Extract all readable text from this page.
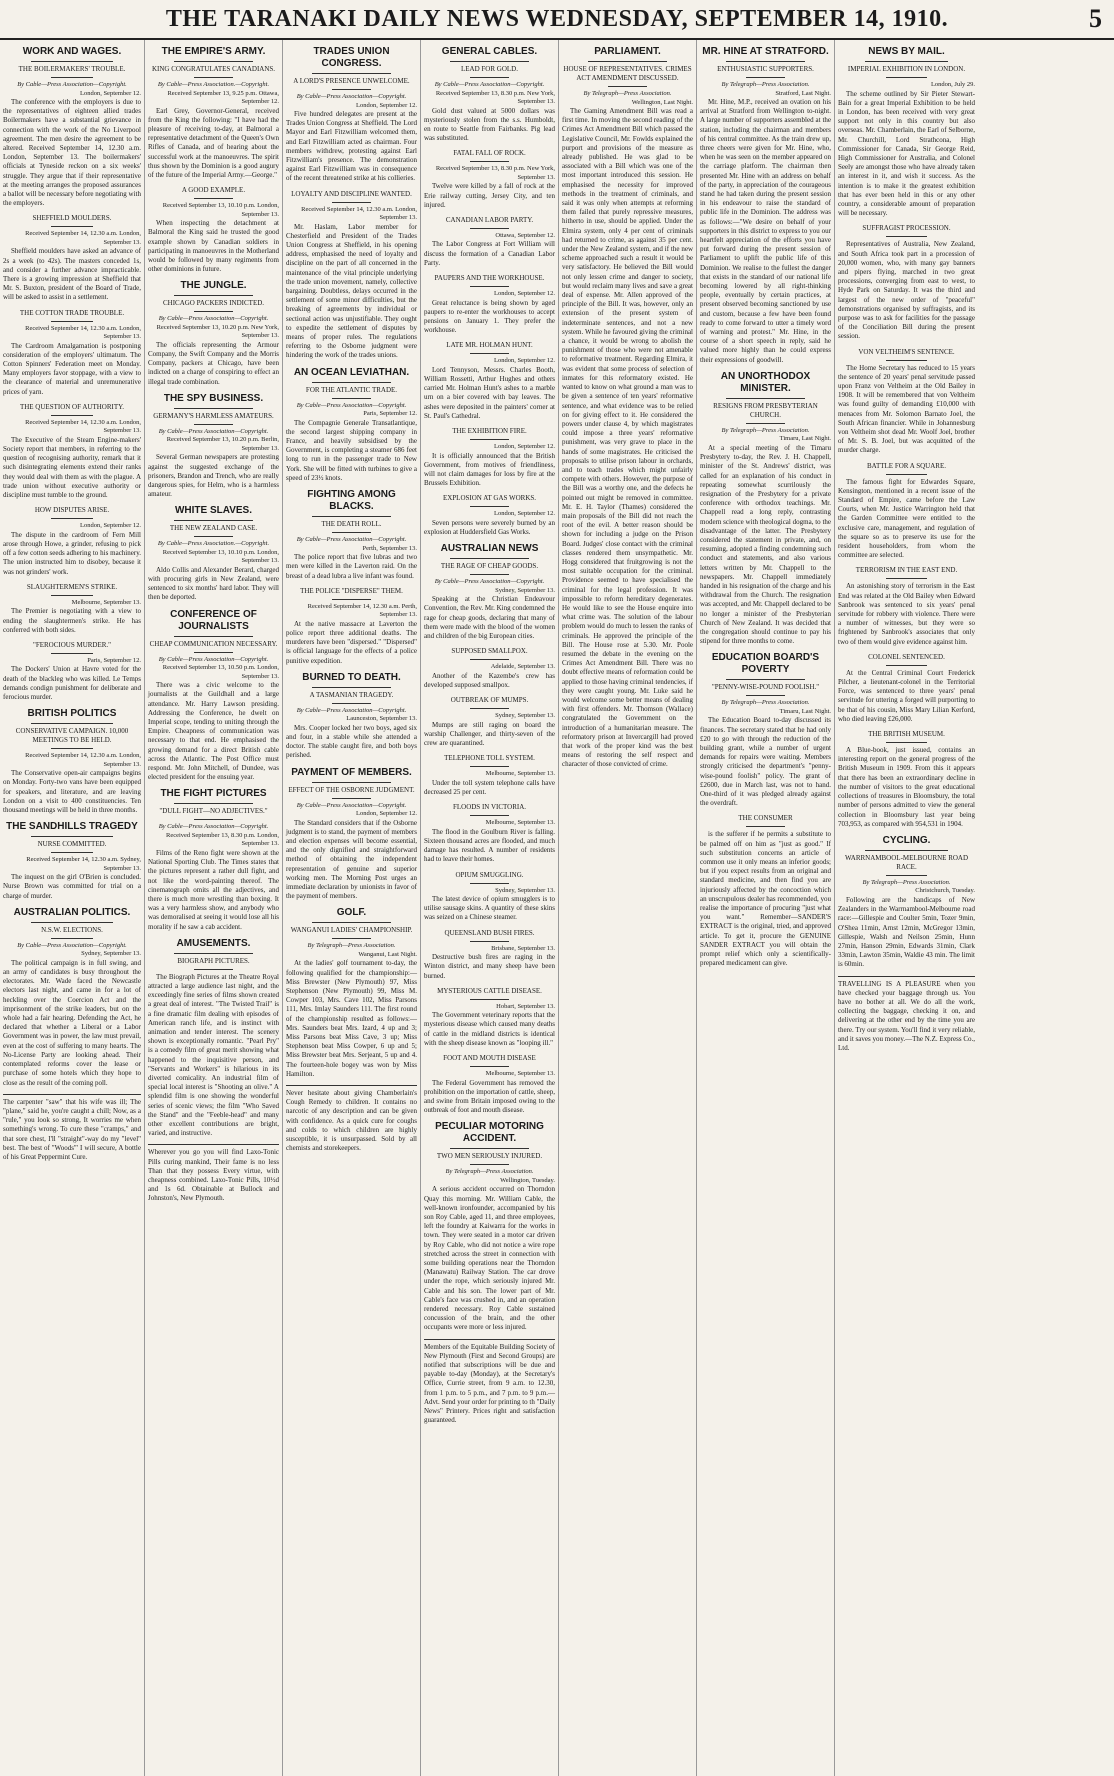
THE TARANAKI DAILY NEWS WEDNESDAY, SEPTEMBER 14, 1910.	5
WORK AND WAGES.
THE BOILERMAKERS' TROUBLE.
By Cable—Press Association—Copyright.
London, September 12.

The conference with the employers is due to the representatives of eighteen allied trades Boilermakers have a substantial grievance in connection with the work of the No Liverpool agreement. The men desire the agreement to be altered. Received September 14, 12.30 a.m. London, September 13. The boilermakers' officials at Tyneside reckon on a six weeks' struggle. They argue that if their representative at the meeting arranges the proposed assurances a ballot will be necessary before negotiating with the employers.

SHEFFIELD MOULDERS.
Received September 14, 12.30 a.m. London, September 13.

Sheffield moulders have asked an advance of 2s a week (to 42s). The masters conceded 1s, and consider a further advance impracticable. There is a growing impression at Sheffield that Mr. S. Buxton, president of the Board of Trade, will be asked to assist in a settlement.

THE COTTON TRADE TROUBLE.
Received September 14, 12.30 a.m. London, September 13.

The Cardroom Amalgamation is postponing consideration of the employers' ultimatum. The Cotton Spinners' Federation meet on Monday. Many employers favor stoppage, with a view to the clearance of material and unremunerative prices of yarn.

THE QUESTION OF AUTHORITY.
Received September 14, 12.30 a.m. London, September 13.

The Executive of the Steam Engine-makers' Society report that members, in referring to the question of recognising authority, remark that it such disintegrating elements extend their ranks they would deal with them as with the plague. A trade union without executive authority or discipline must tumble to the ground.

HOW DISPUTES ARISE.
London, September 12.

The dispute in the cardroom of Fern Mill arose through Howe, a grinder, refusing to pick off a few cotton seeds adhering to his machinery. The union instructed him to disobey, because it was not grinders' work.

SLAUGHTERMEN'S STRIKE.
Melbourne, September 13.

The Premier is negotiating with a view to ending the slaughtermen's strike. He has conferred with both sides.

"FEROCIOUS MURDER."
Paris, September 12.

The Dockers' Union at Havre voted for the death of the blackleg who was killed. Le Temps demands condign punishment for deliberate and ferocious murder.

BRITISH POLITICS
CONSERVATIVE CAMPAIGN. 10,000 MEETINGS TO BE HELD.
Received September 14, 12.30 a.m. London, September 13.

The Conservative open-air campaigns begins on Monday. Forty-two vans have been equipped for speakers, and literature, and are leaving London on a visit to 400 constituencies. Ten thousand meetings will be held in three months.

THE SANDHILLS TRAGEDY
NURSE COMMITTED.
Received September 14, 12.30 a.m. Sydney, September 13.

The inquest on the girl O'Brien is concluded. Nurse Brown was committed for trial on a charge of murder.

AUSTRALIAN POLITICS.
N.S.W. ELECTIONS.
By Cable—Press Association—Copyright.
Sydney, September 13.

The political campaign is in full swing, and an army of candidates is busy throughout the electorates. Mr. Wade faced the Newcastle electors last night, and came in for a lot of heckling over the Coercion Act and the imprisonment of the strike leaders, but on the whole had a fair hearing. Defending the Act, he declared that whether a Liberal or a Labor Government was in power, the law must prevail, even at the cost of suffering to many hearts. The No-License Party are looking ahead. Their contemplated reforms cover the lease or purchase of some hotels which they hope to close as the result of the coming poll.

The carpenter "saw" that his wife was ill; The "plane," said he, you're caught a chill; Now, as a "rule," you look so strong, It worries me when something's wrong. To cure these "cramps," and that sore chest, I'll "straight"-way do my "level" best. The best of "Woods'" I will secure, A bottle of his Great Peppermint Cure.
THE EMPIRE'S ARMY.
KING CONGRATULATES CANADIANS.
By Cable—Press Association.—Copyright.
Received September 13, 9.25 p.m. Ottawa, September 12.

Earl Grey, Governor-General, received from the King the following: "I have had the pleasure of receiving to-day, at Balmoral a representative detachment of the Queen's Own Rifles of Canada, and of hearing about the successful work at the manoeuvres. The spirit thus shown by the Dominion is a good augury of the future of the Imperial Army.—George."

A GOOD EXAMPLE.
Received September 13, 10.10 p.m. London, September 13.

When inspecting the detachment at Balmoral the King said he trusted the good example shown by Canadian soldiers in participating in manoeuvres in the Motherland would be followed by many regiments from other dominions in future.

THE JUNGLE.
CHICAGO PACKERS INDICTED.
By Cable—Press Association—Copyright.
Received September 13, 10.20 p.m. New York, September 13.

The officials representing the Armour Company, the Swift Company and the Morris Company, packers at Chicago, have been indicted on a charge of conspiring to effect an illegal trade combination.

THE SPY BUSINESS.
GERMANY'S HARMLESS AMATEURS.
By Cable—Press Association—Copyright.
Received September 13, 10.20 p.m. Berlin, September 13.

Several German newspapers are protesting against the suggested exchange of the prisoners, Brandon and Trench, who are really dangerous spies, for Helm, who is a harmless amateur.

WHITE SLAVES.
THE NEW ZEALAND CASE.
By Cable—Press Association.—Copyright.
Received September 13, 10.10 p.m. London, September 13.

Aldo Collis and Alexander Berard, charged with procuring girls in New Zealand, were sentenced to six months' hard labor. They will then be deported.

CONFERENCE OF JOURNALISTS
CHEAP COMMUNICATION NECESSARY.
By Cable—Press Association—Copyright.
Received September 13, 10.50 p.m. London, September 13.

There was a civic welcome to the journalists at the Guildhall and a large attendance. Mr. Harry Lawson presiding. Addressing the Conference, he dwelt on Imperial scope, tending to uniting through the Empire. Cheapness of communication was necessary to that end. He emphasised the growing demand for a direct British cable across the Atlantic. The Post Office must respond. Mr. John Mitchell, of Dundee, was elected president for the ensuing year.

THE FIGHT PICTURES
"DULL FIGHT—NO ADJECTIVES."
By Cable—Press Association—Copyright.
Received September 13, 8.30 p.m. London, September 13.

Films of the Reno fight were shown at the National Sporting Club. The Times states that the pictures represent a rather dull fight, and not like the word-painting thereof. The cinematograph omits all the adjectives, and there is much more wrestling than boxing. It was a very harmless show, and anybody who was demoralised at seeing it would lose all his morality if he saw a cab accident.

AMUSEMENTS.
BIOGRAPH PICTURES.

The Biograph Pictures at the Theatre Royal attracted a large audience last night, and the exceedingly fine series of films shown created a great deal of interest. "The Twisted Trail" is a fine dramatic film dealing with episodes of American ranch life, and is instinct with animation and tender interest. The scenery shown is exceptionally romantic. "Pearl Pry" is a comedy film of great merit showing what happened to the inquisitive person, and "Servants and Workers" is hilarious in its diverted comicality. An industrial film of special local interest is "Shooting an olive." A splendid film is one showing the wonderful series of scenic views; the film "Who Saved the Stand" and the "Feeble-head" and many other excellent contributions are bright, varied, and instructive.

Wherever you go you will find Laxo-Tonic Pills curing mankind, Their fame is no less Than that they possess Every virtue, with cheapness combined. Laxo-Tonic Pills, 10½d and 1s 6d. Obtainable at Bullock and Johnston's, New Plymouth.
TRADES UNION CONGRESS.
A LORD'S PRESENCE UNWELCOME.
By Cable—Press Association—Copyright.
London, September 12.

Five hundred delegates are present at the Trades Union Congress at Sheffield. The Lord Mayor and Earl Fitzwilliam welcomed them, and Earl Fitzwilliam acted as chairman. Four members withdrew, protesting against Earl Fitzwilliam's presence. The demonstration against Earl Fitzwilliam was in consequence of the recent threatened strike at his collieries.

LOYALTY AND DISCIPLINE WANTED.
Received September 14, 12.30 a.m. London, September 13.

Mr. Haslam, Labor member for Chesterfield and President of the Trades Union Congress at Sheffield, in his opening address, emphasised the need of loyalty and discipline on the part of all concerned in the maintenance of the vital principle underlying the trade union movement, namely, collective bargaining. Doubtless, delays occurred in the settlement of some minor difficulties, but the breaking of agreements by individual or sectional action was unjustifiable. They ought to expedite the settlement of disputes by means of proper rules. The regulations referring to the Osborne judgment were hindering the work of the trades unions.

AN OCEAN LEVIATHAN.
FOR THE ATLANTIC TRADE.
By Cable—Press Association—Copyright.
Paris, September 12.

The Compagnie Generale Transatlantique, the second largest shipping company in France, and heavily subsidised by the Government, is completing a steamer 686 feet long to run in the passenger trade to New York. She will be fitted with turbines to give a speed of 23½ knots.

FIGHTING AMONG BLACKS.
THE DEATH ROLL.
By Cable—Press Association—Copyright.
Perth, September 13.

The police report that five lubras and two men were killed in the Laverton raid. On the breast of a dead lubra a live infant was found.

THE POLICE "DISPERSE" THEM.
Received September 14, 12.30 a.m. Perth, September 13.

At the native massacre at Laverton the police report three additional deaths. The murderers have been "dispersed." "Dispersed" is official language for the effects of a police punitive expedition.

BURNED TO DEATH.
A TASMANIAN TRAGEDY.
By Cable—Press Association—Copyright.
Launceston, September 13.

Mrs. Cooper locked her two boys, aged six and four, in a stable while she attended a doctor. The stable caught fire, and both boys perished.

PAYMENT OF MEMBERS.
EFFECT OF THE OSBORNE JUDGMENT.
By Cable—Press Association—Copyright.
London, September 12.

The Standard considers that if the Osborne judgment is to stand, the payment of members and election expenses will become essential, and the only dignified and straightforward method of obtaining the independent representation of genuine and superior working men. The Morning Post urges an immediate declaration by unionists in favor of the payment of members.

GOLF.
WANGANUI LADIES' CHAMPIONSHIP.
By Telegraph—Press Association.
Wanganui, Last Night.

At the ladies' golf tournament to-day, the following qualified for the championship:—Miss Brewster (New Plymouth) 97, Miss Stephenson (New Plymouth) 99, Miss M. Cowper 103, Mrs. Cave 102, Miss Parsons 111, Mrs. Imlay Saunders 111. The first round of the championship resulted as follows:—Mrs. Saunders beat Mrs. Izard, 4 up and 3; Miss Parsons beat Miss Cave, 3 up; Miss Stephenson beat Miss Cowper, 6 up and 5; Miss Brewster beat Mrs. Serjeant, 5 up and 4. The fourteen-hole bogey was won by Miss Hamilton.

Never hesitate about giving Chamberlain's Cough Remedy to children. It contains no narcotic of any description and can be given with confidence. As a quick cure for coughs and colds to which children are highly susceptible, it is unsurpassed. Sold by all chemists and storekeepers.
GENERAL CABLES.
LEAD FOR GOLD.
By Cable—Press Association—Copyright.
Received September 13, 8.30 p.m. New York, September 13.

Gold dust valued at 5000 dollars was mysteriously stolen from the s.s. Humboldt, en route to Seattle from Fairbanks. Pig lead was substituted.

FATAL FALL OF ROCK.
Received September 13, 8.30 p.m. New York, September 13.

Twelve were killed by a fall of rock at the Erie railway cutting, Jersey City, and ten injured.

CANADIAN LABOR PARTY.
Ottawa, September 12.

The Labor Congress at Fort William will discuss the formation of a Canadian Labor Party.

PAUPERS AND THE WORKHOUSE.
London, September 12.

Great reluctance is being shown by aged paupers to re-enter the workhouses to accept pensions on January 1. They prefer the workhouse.

LATE MR. HOLMAN HUNT.
London, September 12.

Lord Tennyson, Messrs. Charles Booth, William Rossetti, Arthur Hughes and others carried Mr. Holman Hunt's ashes to a marble urn on a bier covered with bay leaves. The ashes were deposited in the painters' corner at St. Paul's Cathedral.

THE EXHIBITION FIRE.
London, September 12.

It is officially announced that the British Government, from motives of friendliness, will not claim damages for loss by fire at the Brussels Exhibition.

EXPLOSION AT GAS WORKS.
London, September 12.

Seven persons were severely burned by an explosion at Huddersfield Gas Works.

AUSTRALIAN NEWS
THE RAGE OF CHEAP GOODS.
By Cable—Press Association—Copyright.
Sydney, September 13.

Speaking at the Christian Endeavour Convention, the Rev. Mr. King condemned the rage for cheap goods, declaring that many of them were made with the blood of the women and children of the big European cities.

SUPPOSED SMALLPOX.
Adelaide, September 13.

Another of the Kazembe's crew has developed supposed smallpox.

OUTBREAK OF MUMPS.
Sydney, September 13.

Mumps are still raging on board the warship Challenger, and thirty-seven of the crew are quarantined.

TELEPHONE TOLL SYSTEM.
Melbourne, September 13.

Under the toll system telephone calls have decreased 25 per cent.

FLOODS IN VICTORIA.
Melbourne, September 13.

The flood in the Goulburn River is falling. Sixteen thousand acres are flooded, and much damage has resulted. A number of residents had to leave their homes.

OPIUM SMUGGLING.
Sydney, September 13.

The latest device of opium smugglers is to utilise sausage skins. A quantity of these skins was seized on a Chinese steamer.

QUEENSLAND BUSH FIRES.
Brisbane, September 13.

Destructive bush fires are raging in the Winton district, and many sheep have been burned.

MYSTERIOUS CATTLE DISEASE.
Hobart, September 13.

The Government veterinary reports that the mysterious disease which caused many deaths of cattle in the midland districts is identical with the sheep disease known as "looping ill."

FOOT AND MOUTH DISEASE
Melbourne, September 13.

The Federal Government has removed the prohibition on the importation of cattle, sheep, and swine from Britain imposed owing to the outbreak of foot and mouth disease.

PECULIAR MOTORING ACCIDENT.
TWO MEN SERIOUSLY INJURED.
By Telegraph—Press Association.
Wellington, Tuesday.

A serious accident occurred on Thorndon Quay this morning. Mr. William Cable, the well-known ironfounder, accompanied by his son Roy Cable, aged 11, and three employees, left the foundry at Kaiwarra for the works in town. They were seated in a motor car driven by Roy Cable, who did not notice a wire rope stretched across the street in connection with some building operations near the Thorndon (Manawatu) Railway Station. The car drove under the rope, which seriously injured Mr. Cable and his son. The lower part of Mr. Cable's face was crushed in, and an operation rendered necessary. Roy Cable sustained concussion of the brain, and the other occupants were more or less injured.

Members of the Equitable Building Society of New Plymouth (First and Second Groups) are notified that subscriptions will be due and payable to-day (Monday), at the Secretary's Office, Currie street, from 9 a.m. to 12.30, from 1 p.m. to 5 p.m., and 7 p.m. to 9 p.m.—Advt. Send your order for printing to th "Daily News" Printery. Prices right and satisfaction guaranteed.
PARLIAMENT.
HOUSE OF REPRESENTATIVES. CRIMES ACT AMENDMENT DISCUSSED.
By Telegraph—Press Association.
Wellington, Last Night.

The Gaming Amendment Bill was read a first time. In moving the second reading of the Crimes Act Amendment Bill which passed the Legislative Council, Mr. Fowlds explained the purport and provisions of the measure as already published. He was glad to be associated with a Bill which was one of the most important introduced this session. He emphasised the necessity for improved methods in the treatment of criminals, and said it was only when attempts at reforming them failed that purely repressive measures, hitherto in use, should be applied. Under the Elmira system, only 4 per cent of criminals had returned to crime, as against 35 per cent. under the New Zealand system, and if the new scheme approached such a result it would be very satisfactory. He believed the Bill would not only lessen crime and danger to society, but would reclaim many lives and save a great deal of expense. Mr. Allen approved of the principle of the Bill. It was, however, only an extension of the present system of indeterminate sentences, and not a new system. While he favoured giving the criminal a chance, it would be wrong to abolish the punishment of those who were not amenable to reformative treatment. Regarding Elmira, it was evident that some process of selection of inmates for this reformatory existed. He wanted to know on what ground a man was to be given a sentence of ten years' reformative sentence, and what evidence was to be relied on for giving effect to it. He considered the powers under clause 4, by which magistrates could impose a three years' reformative punishment, was very grave to place in the hands of some magistrates. He criticised the proposals to utilise prison labour in orchards, and to teach trades which might unfairly compete with others. However, the purpose of the Bill was a worthy one, and the defects he pointed out might be removed in committee. Mr. E. H. Taylor (Thames) considered the main proposals of the Bill did not reach the root of the evil. A better reason should be shown for including a judge on the Prison Board. Judges' close contact with the criminal classes rendered them unsympathetic. Mr. Hogg considered that fruitgrowing is not the most suitable occupation for the criminal. Providence seemed to have specialised the criminal for the legal profession. It was impossible to reform hereditary degenerates. He would like to see the House enquire into what crime was. The solution of the labour problem would do much to lessen the ranks of criminals. He approved the principle of the Bill. The House rose at 5.30. Mr. Poole resumed the debate in the evening on the Crimes Act Amendment Bill. There was no doubt effective means of reformation could be applied to those having criminal tendencies, if they were caught young. Mr. Luke said he would welcome some better means of dealing with first offenders. Mr. Thomson (Wallace) congratulated the Government on the introduction of a humanitarian measure. The reformatory prison at Invercargill had proved that work of the proper kind was the best means of restoring the self respect and character of those convicted of crime.

MR. HINE AT STRATFORD.
ENTHUSIASTIC SUPPORTERS.
By Telegraph—Press Association.
Stratford, Last Night.

Mr. Hine, M.P., received an ovation on his arrival at Stratford from Wellington to-night. A large number of supporters assembled at the station, including the chairman and members of his central committee. As the train drew up, three cheers were given for Mr. Hine, who, when he was seen on the member appeared on the carriage platform. The chairman then presented Mr. Hine with an address on behalf of the party, in appreciation of the courageous stand he had taken during the present session in his endeavour to raise the standard of public life in the Dominion. The address was as follows:—"We desire on behalf of your supporters in this district to express to you our heartfelt appreciation of the efforts you have put forward during the present session of Parliament to uplift the public life of this Dominion. We realise to the fullest the danger that exists in the standard of our national life becoming lowered by all right-thinking people, eventually by certain practices, at present observed becoming sanctioned by use and custom, because a few have been found ready to come forward to utter a timely word of warning and protest." Mr. Hine, in the course of a short speech in reply, said he valued more highly than he could express their expressions of goodwill.

AN UNORTHODOX MINISTER.
RESIGNS FROM PRESBYTERIAN CHURCH.
By Telegraph—Press Association.
Timaru, Last Night.

At a special meeting of the Timaru Presbytery to-day, the Rev. J. H. Chappell, minister of the St. Andrews' district, was called for an explanation of his conduct in repeating somewhat scurrilously the resignation of the Presbytery for a private conference with orthodox teachings. Mr. Chappell read a long reply, contrasting modern science with theological dogma, to the disadvantage of the latter. The Presbytery considered the statement in private, and, on resuming, adopted a finding condemning such conduct and statements, and also various letters written by Mr. Chappell to the newspapers. Mr. Chappell immediately handed in his resignation of the charge and his withdrawal from the Church. The resignation was accepted, and Mr. Chappell declared to be no longer a minister of the Presbyterian Church of New Zealand. It was decided that the congregation should continue to pay his stipend for three months to come.

EDUCATION BOARD'S POVERTY
"PENNY-WISE-POUND FOOLISH."
By Telegraph—Press Association.
Timaru, Last Night.

The Education Board to-day discussed its finances. The secretary stated that he had only £20 to go with through the reduction of the building grant, while a number of urgent demands for repairs were waiting. Members strongly criticised the department's "penny-wise-pound foolish" policy. The grant of £2600, due in March last, was not to hand. One-third of it was pledged already against the overdraft.

THE CONSUMER

is the sufferer if he permits a substitute to be palmed off on him as "just as good." If such substitution concerns an article of common use it only means an inferior goods; but if you expect results from an original and standard medicine, and then find you are injuriously affected by the concoction which an unscrupulous dealer has recommended, you realise the importance of procuring "just what you want." Remember—SANDER'S EXTRACT is the original, tried, and approved article. To get it, procure the GENUINE SANDER EXTRACT you will obtain the prompt relief which only a scientifically-prepared medicament can give.

NEWS BY MAIL.
IMPERIAL EXHIBITION IN LONDON.
London, July 29.

The scheme outlined by Sir Pieter Stewart-Bain for a great Imperial Exhibition to be held in London, has been received with very great support not only in this country but also overseas. Mr. Chamberlain, the Earl of Selborne, Mr. Churchill, Lord Strathcona, High Commissioner for Canada, Sir George Reid, High Commissioner for Australia, and Colonel Seely are amongst those who have already taken an interest in it, and wish it success. As the intention is to make it the greatest exhibition that has ever been held in this or any other country, a considerable amount of preparation will be necessary.

SUFFRAGIST PROCESSION.

Representatives of Australia, New Zealand, and South Africa took part in a procession of 20,000 women, who, with many gay banners and pipers flying, marched in two great processions, converging from east to west, to Hyde Park on Saturday. It was the third and largest of the new order of "peaceful" demonstrations organised by suffragists, and its purpose was to ask for facilities for the passage of the Conciliation Bill during the present session.

VON VELTHEIM'S SENTENCE.

The Home Secretary has reduced to 15 years the sentence of 20 years' penal servitude passed upon Franz von Veltheim at the Old Bailey in 1908. It will be remembered that von Veltheim was found guilty of demanding £10,000 with menaces from Mr. Solomon Barnato Joel, the South African financier. While in Johannesburg von Veltheim shot dead Mr. Woolf Joel, brother of Mr. S. B. Joel, but was acquitted of the murder charge.

BATTLE FOR A SQUARE.

The famous fight for Edwardes Square, Kensington, mentioned in a recent issue of the Standard of Empire, came before the Law Courts, when Mr. Justice Warrington held that the Garden Committee were entitled to the exclusive care, management, and regulation of the square so as to preserve its use for the resident householders, from whom the committee are selected.

TERRORISM IN THE EAST END.

An astonishing story of terrorism in the East End was related at the Old Bailey when Edward Sanbrook was sentenced to six years' penal servitude for robbery with violence. There were a number of witnesses, but they were so frightened by Sanbrook's associates that only two of them would give evidence against him.

COLONEL SENTENCED.

At the Central Criminal Court Frederick Pilcher, a lieutenant-colonel in the Territorial Force, was sentenced to three years' penal servitude for uttering a forged will purporting to be that of his cousin, Miss Mary Lilian Kerford, who died leaving £26,000.

THE BRITISH MUSEUM.

A Blue-book, just issued, contains an interesting report on the general progress of the British Museum in 1909. From this it appears that there has been an extraordinary decline in the number of visitors to the great educational collections of treasures in Bloomsbury, the total number of persons admitted to view the general collection in Bloomsbury last year being 703,953, as compared with 954,531 in 1904.

CYCLING.
WARRNAMBOOL-MELBOURNE ROAD RACE.
By Telegraph—Press Association.
Christchurch, Tuesday.

Following are the handicaps of New Zealanders in the Warrnambool-Melbourne road race:—Gillespie and Coulter 5min, Tozer 9min, O'Shea 11min, Arnst 12min, McGregor 13min, Gillespie, Walsh and Neilson 25min, Hunn 27min, Hanson 29min, Edwards 31min, Clark 33min, Lawton 35min, Waldie 43 min. The limit is 60min.

TRAVELLING IS A PLEASURE when you have checked your baggage through us. You have no bother at all. We do all the work, collecting the baggage, checking it on, and delivering at the other end by the time you are there. Try our system. You'll find it very reliable, and it saves you money.—The N.Z. Express Co., Ltd.
